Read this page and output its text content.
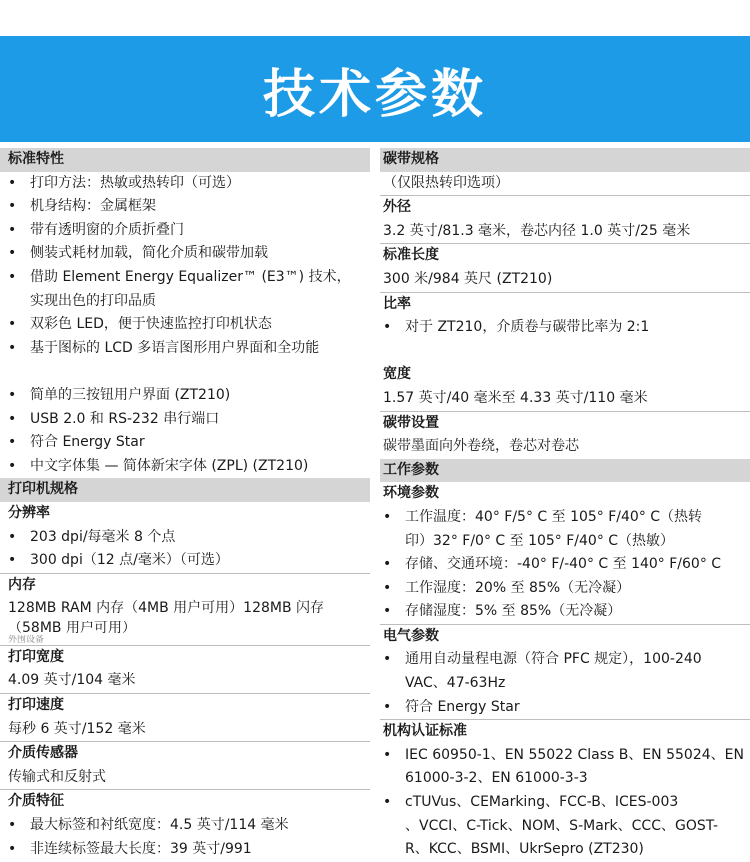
技术参数
标准特性
• 打印方法：热敏或热转印（可选）
• 机身结构：金属框架
• 带有透明窗的介质折叠门
• 侧装式耗材加载，简化介质和碳带加载
• 借助 Element Energy Equalizer™ (E3™) 技术，
实现出色的打印品质
• 双彩色 LED，便于快速监控打印机状态
• 基于图标的 LCD 多语言图形用户界面和全功能
• 简单的三按钮用户界面 (ZT210)
• USB 2.0 和 RS-232 串行端口
• 符合 Energy Star
• 中文字体集 — 简体新宋字体 (ZPL) (ZT210)
打印机规格
分辨率
• 203 dpi/每毫米 8 个点
• 300 dpi（12 点/毫米）（可选）
内存
128MB RAM 内存（4MB 用户可用）128MB 闪存
（58MB 用户可用）
外围设备
打印宽度
4.09 英寸/104 毫米
打印速度
每秒 6 英寸/152 毫米
介质传感器
传输式和反射式
介质特征
• 最大标签和衬纸宽度：4.5 英寸/114 毫米
• 非连续标签最大长度：39 英寸/991
碳带规格
（仅限热转印选项）
外径
3.2 英寸/81.3 毫米，卷芯内径 1.0 英寸/25 毫米
标准长度
300 米/984 英尺 (ZT210)
比率
• 对于 ZT210，介质卷与碳带比率为 2:1
宽度
1.57 英寸/40 毫米至 4.33 英寸/110 毫米
碳带设置
碳带墨面向外卷绕，卷芯对卷芯
工作参数
环境参数
• 工作温度：40° F/5° C 至 105° F/40° C（热转
印）32° F/0° C 至 105° F/40° C（热敏）
• 存储、交通环境：-40° F/-40° C 至 140° F/60° C
• 工作湿度：20% 至 85%（无冷凝）
• 存储湿度：5% 至 85%（无冷凝）
电气参数
• 通用自动量程电源（符合 PFC 规定），100-240
VAC、47-63Hz
• 符合 Energy Star
机构认证标准
• IEC 60950-1、EN 55022 Class B、EN 55024、EN
61000-3-2、EN 61000-3-3
• cTUVus、CEMarking、FCC-B、ICES-003
、VCCI、C-Tick、NOM、S-Mark、CCC、GOST-
R、KCC、BSMI、UkrSepro (ZT230)
